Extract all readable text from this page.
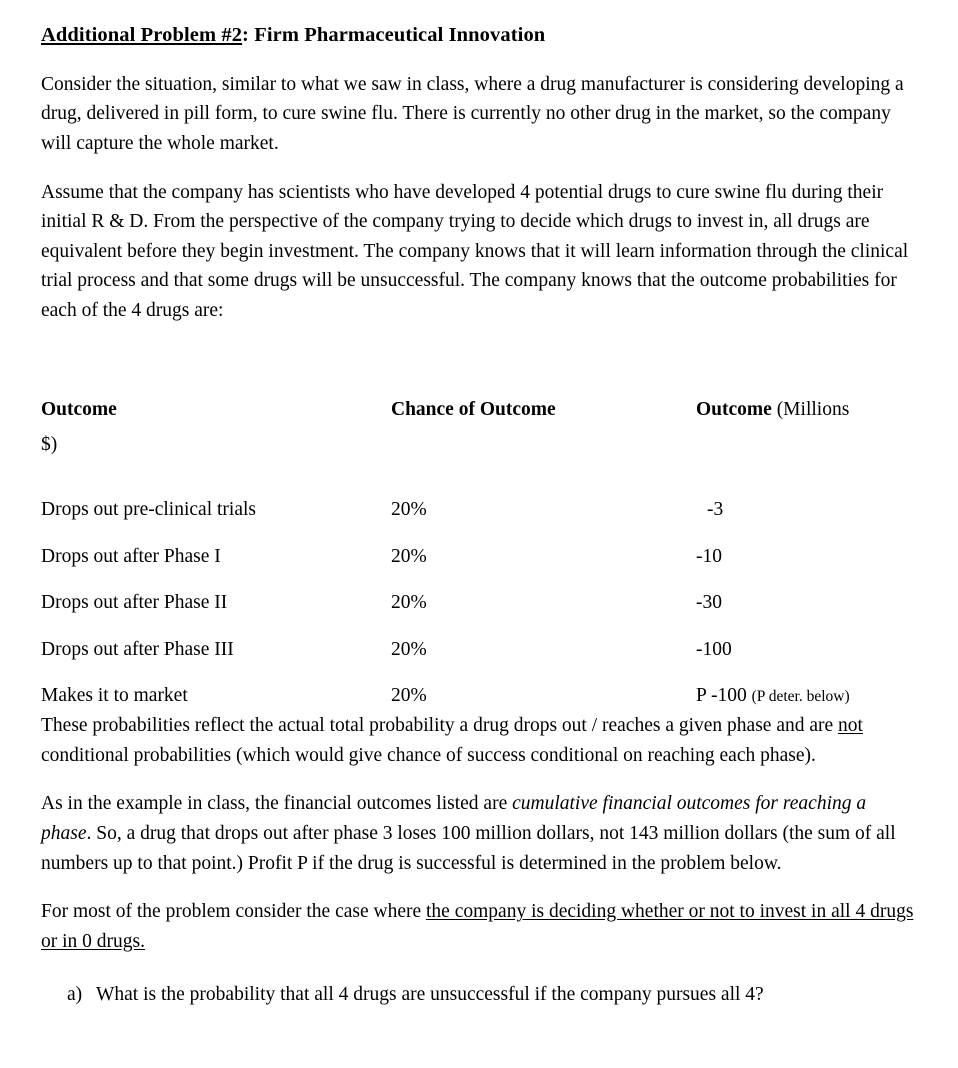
Additional Problem #2: Firm Pharmaceutical Innovation

Consider the situation, similar to what we saw in class, where a drug manufacturer is considering developing a drug, delivered in pill form, to cure swine flu. There is currently no other drug in the market, so the company will capture the whole market.

Assume that the company has scientists who have developed 4 potential drugs to cure swine flu during their initial R & D. From the perspective of the company trying to decide which drugs to invest in, all drugs are equivalent before they begin investment. The company knows that it will learn information through the clinical trial process and that some drugs will be unsuccessful. The company knows that the outcome probabilities for each of the 4 drugs are:

Outcome	Chance of Outcome	Outcome (Millions
$)
Drops out pre-clinical trials	20%	-3
Drops out after Phase I	20%	-10
Drops out after Phase II	20%	-30
Drops out after Phase III	20%	-100
Makes it to market	20%	P -100 (P deter. below)

These probabilities reflect the actual total probability a drug drops out / reaches a given phase and are not conditional probabilities (which would give chance of success conditional on reaching each phase).

As in the example in class, the financial outcomes listed are cumulative financial outcomes for reaching a phase. So, a drug that drops out after phase 3 loses 100 million dollars, not 143 million dollars (the sum of all numbers up to that point.) Profit P if the drug is successful is determined in the problem below.

For most of the problem consider the case where the company is deciding whether or not to invest in all 4 drugs or in 0 drugs.

a) What is the probability that all 4 drugs are unsuccessful if the company pursues all 4?
